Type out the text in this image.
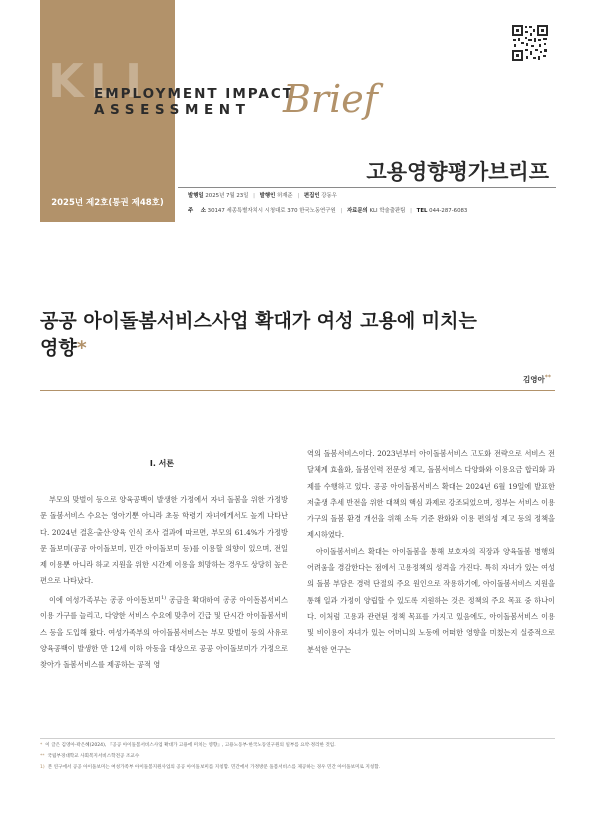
KLI
EMPLOYMENT IMPACT
ASSESSMENT Brief
2025년 제2호(통권 제48호)
고용영향평가브리프
발행일 2025년 7월 23일 | 발행인 허재준 | 편집인 강동우
주    소 30147 세종특별자치시 시청대로 370 한국노동연구원 | 자료문의 KLI 학술출판팀 | TEL 044-287-6083
공공 아이돌봄서비스사업 확대가 여성 고용에 미치는
영향*
김영아**
I. 서론

부모의 맞벌이 등으로 양육공백이 발생한 가정에서 자녀 돌봄을 위한 가정방문 돌봄서비스 수요는 영아기뿐 아니라 초등 학령기 자녀에게서도 높게 나타난다. 2024년 결혼·출산·양육 인식 조사 결과에 따르면, 부모의 61.4%가 가정방문 돌보미(공공 아이돌보미, 민간 아이돌보미 등)를 이용할 의향이 있으며, 전일제 이용뿐 아니라 하교 지원을 위한 시간제 이용을 희망하는 경우도 상당히 높은 편으로 나타났다.

이에 여성가족부는 공공 아이돌보미$^{1)}$ 공급을 확대하여 공공 아이돌봄서비스 이용 가구를 늘리고, 다양한 서비스 수요에 맞추어 긴급 및 단시간 아이돌봄서비스 등을 도입해 왔다. 여성가족부의 아이돌봄서비스는 부모 맞벌이 등의 사유로 양육공백이 발생한 만 12세 이하 아동을 대상으로 공공 아이돌보미가 가정으로 찾아가 돌봄서비스를 제공하는 공적 영

역의 돌봄서비스이다. 2023년부터 아이돌봄서비스 고도화 전략으로 서비스 전달체계 효율화, 돌봄인력 전문성 제고, 돌봄서비스 다양화와 이용요금 합리화 과제를 수행하고 있다. 공공 아이돌봄서비스 확대는 2024년 6월 19일에 발표한 저출생 추세 반전을 위한 대책의 핵심 과제로 강조되었으며, 정부는 서비스 이용 가구의 돌봄 환경 개선을 위해 소득 기준 완화와 이용 편의성 제고 등의 정책을 제시하였다.

아이돌봄서비스 확대는 아이돌봄을 통해 보호자의 직장과 양육돌봄 병행의 어려움을 경감한다는 점에서 고용정책의 성격을 가진다. 특히 자녀가 있는 여성의 돌봄 부담은 경력 단절의 주요 원인으로 작용하기에, 아이돌봄서비스 지원을 통해 일과 가정이 양립할 수 있도록 지원하는 것은 정책의 주요 목표 중 하나이다. 이처럼 고용과 관련된 정책 목표를 가지고 있음에도, 아이돌봄서비스 이용 및 비이용이 자녀가 있는 어머니의 노동에 어떠한 영향을 미쳤는지 실증적으로 분석한 연구는

* 이 글은 김영아·곽은혜(2024), 『공공 아이돌봄서비스사업 확대가 고용에 미치는 영향』, 고용노동부·한국노동연구원의 일부를 요약·정리한 것임.
** 국립부경대학교 사회복지서비스학전공 조교수
1) 본 연구에서 공공 아이돌보미는 여성가족부 아이돌봄지원사업의 공공 아이돌보미를 지칭함. 민간에서 가정방문 돌봄서비스를 제공하는 경우 민간 아이돌보미로 지칭함.
